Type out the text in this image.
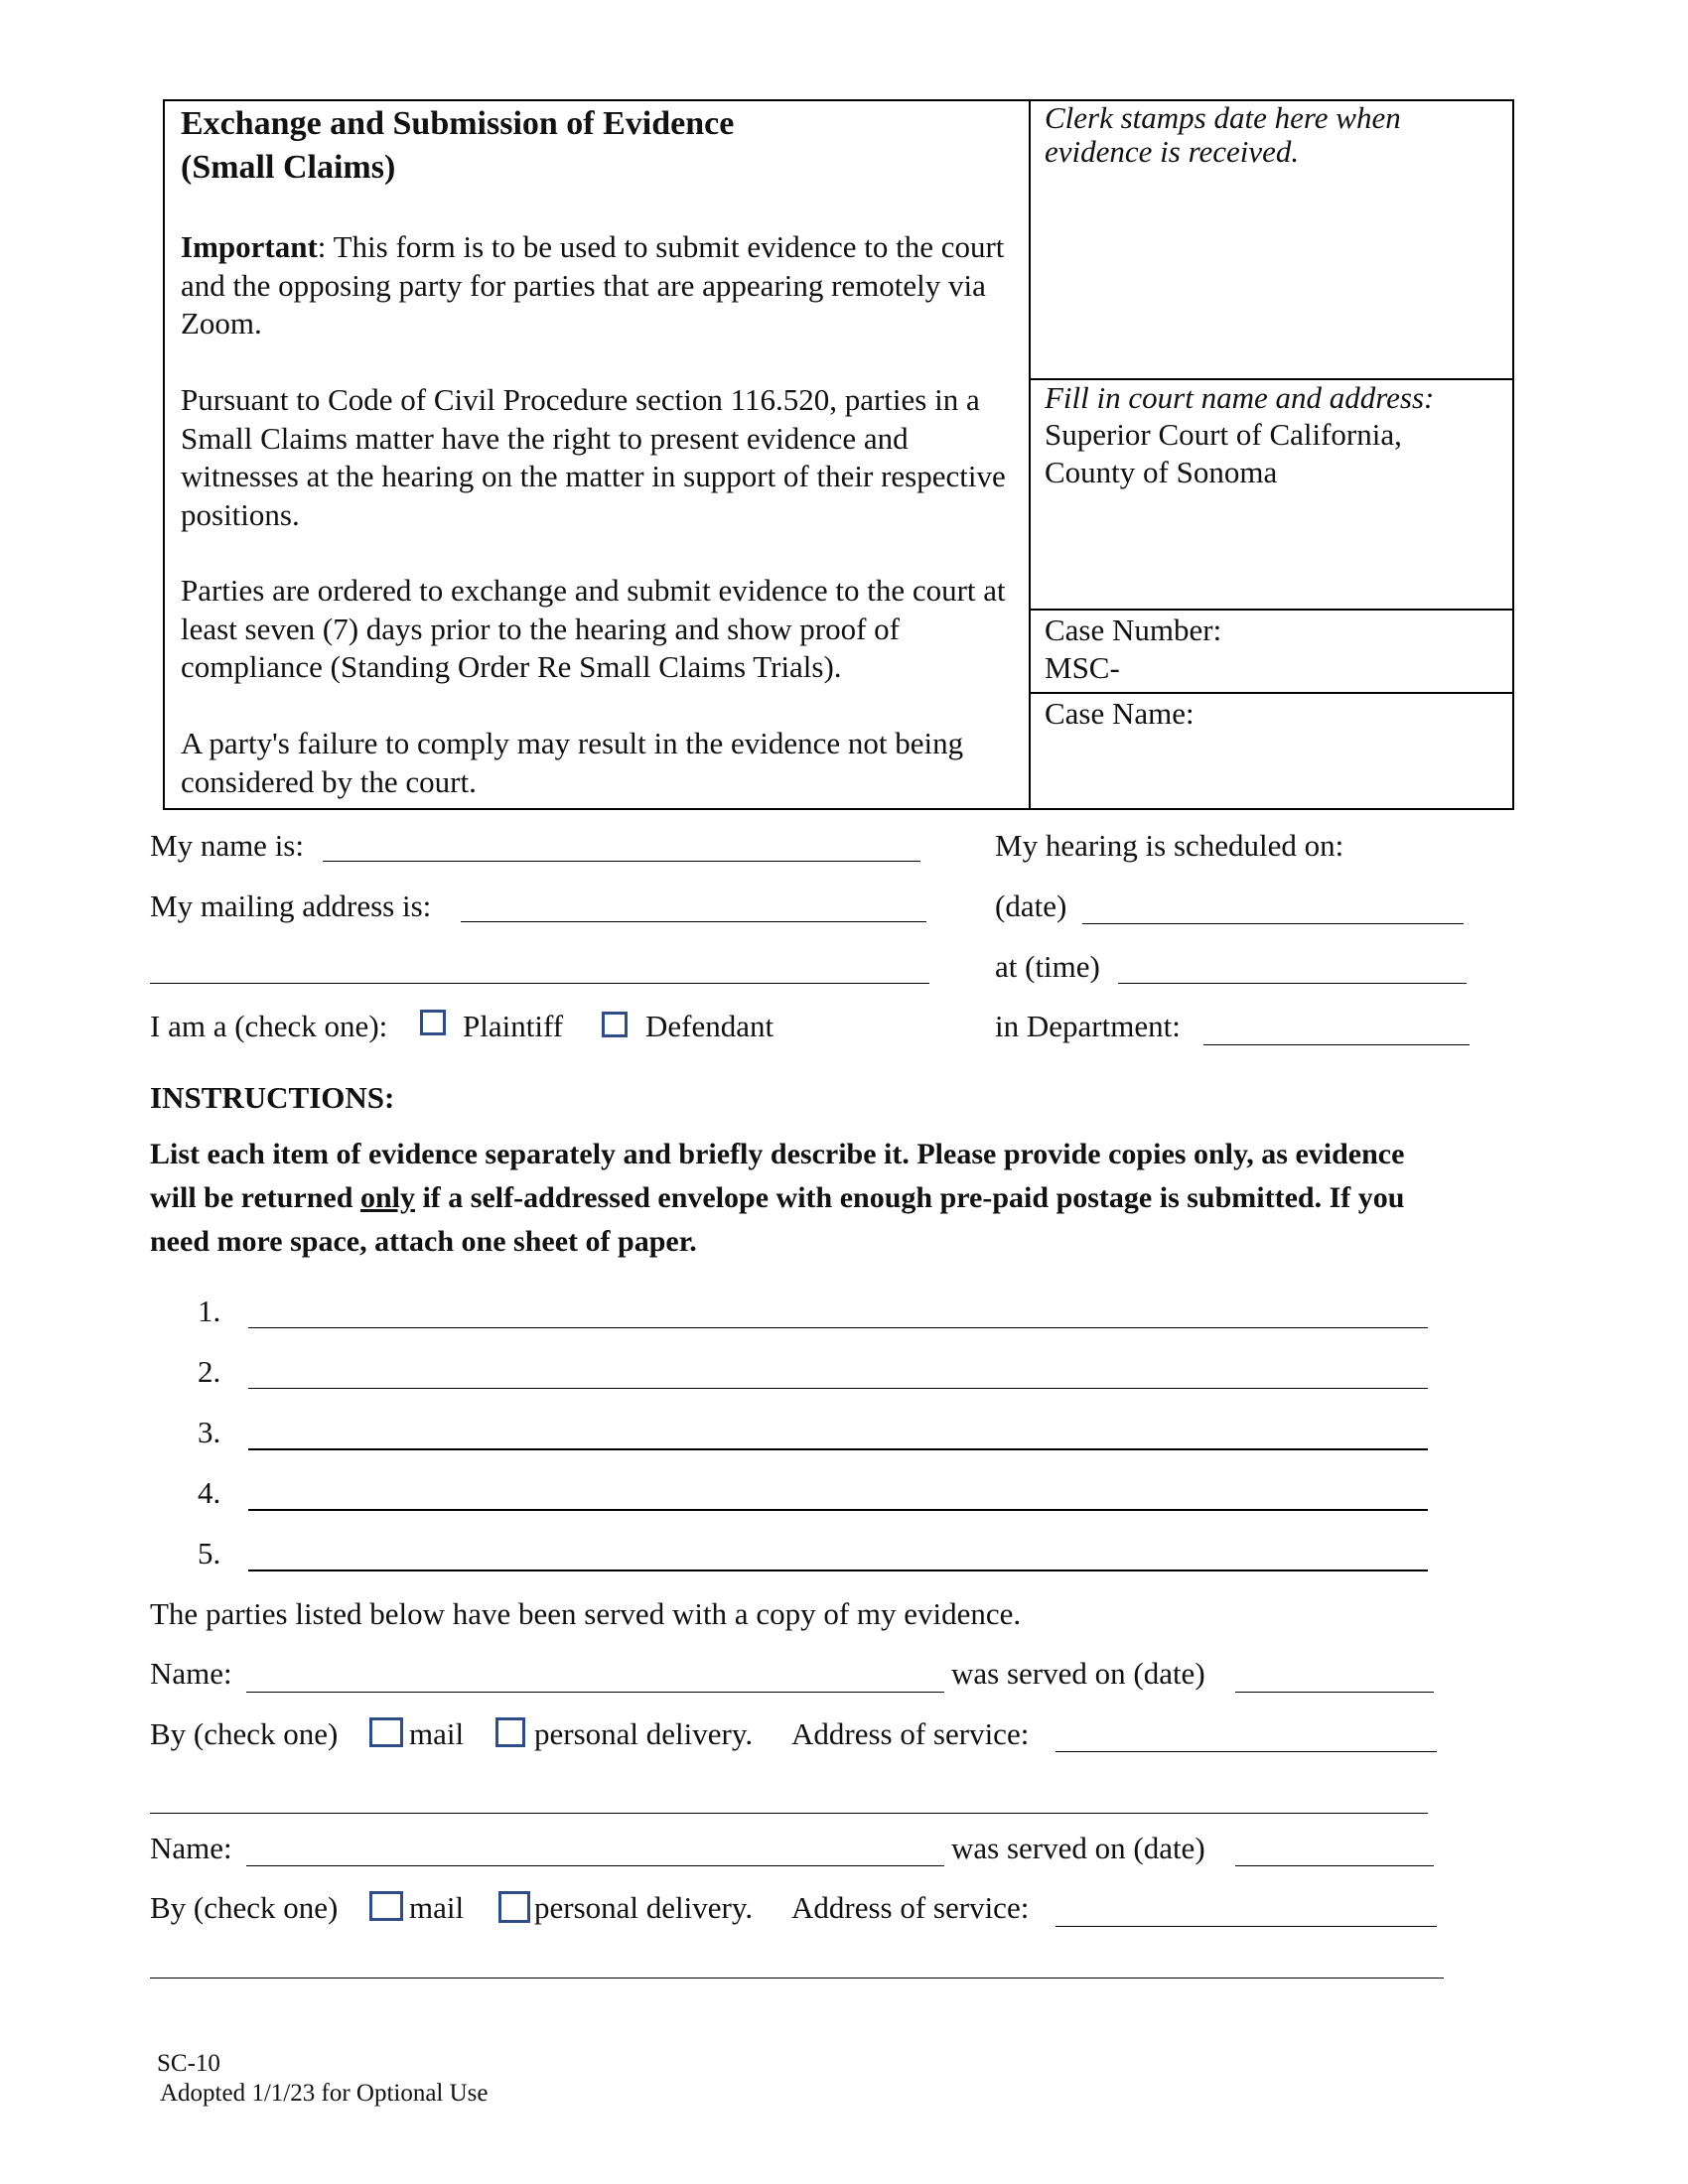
Exchange and Submission of Evidence
(Small Claims)
Important: This form is to be used to submit evidence to the court and the opposing party for parties that are appearing remotely via Zoom.
Pursuant to Code of Civil Procedure section 116.520, parties in a Small Claims matter have the right to present evidence and witnesses at the hearing on the matter in support of their respective positions.
Parties are ordered to exchange and submit evidence to the court at least seven (7) days prior to the hearing and show proof of compliance (Standing Order Re Small Claims Trials).
A party's failure to comply may result in the evidence not being considered by the court.
Clerk stamps date here when evidence is received.
Fill in court name and address:
Superior Court of California,
County of Sonoma
Case Number:
MSC-
Case Name:
My name is:
My mailing address is:
I am a (check one): Plaintiff	Defendant
My hearing is scheduled on:
(date)
at (time)
in Department:
INSTRUCTIONS:
List each item of evidence separately and briefly describe it. Please provide copies only, as evidence will be returned only if a self-addressed envelope with enough pre-paid postage is submitted. If you need more space, attach one sheet of paper.
1.
2.
3.
4.
5.
The parties listed below have been served with a copy of my evidence.
Name:	was served on (date)
By (check one) mail personal delivery. Address of service:
Name:	was served on (date)
By (check one) mail personal delivery. Address of service:
SC-10
Adopted 1/1/23 for Optional Use
